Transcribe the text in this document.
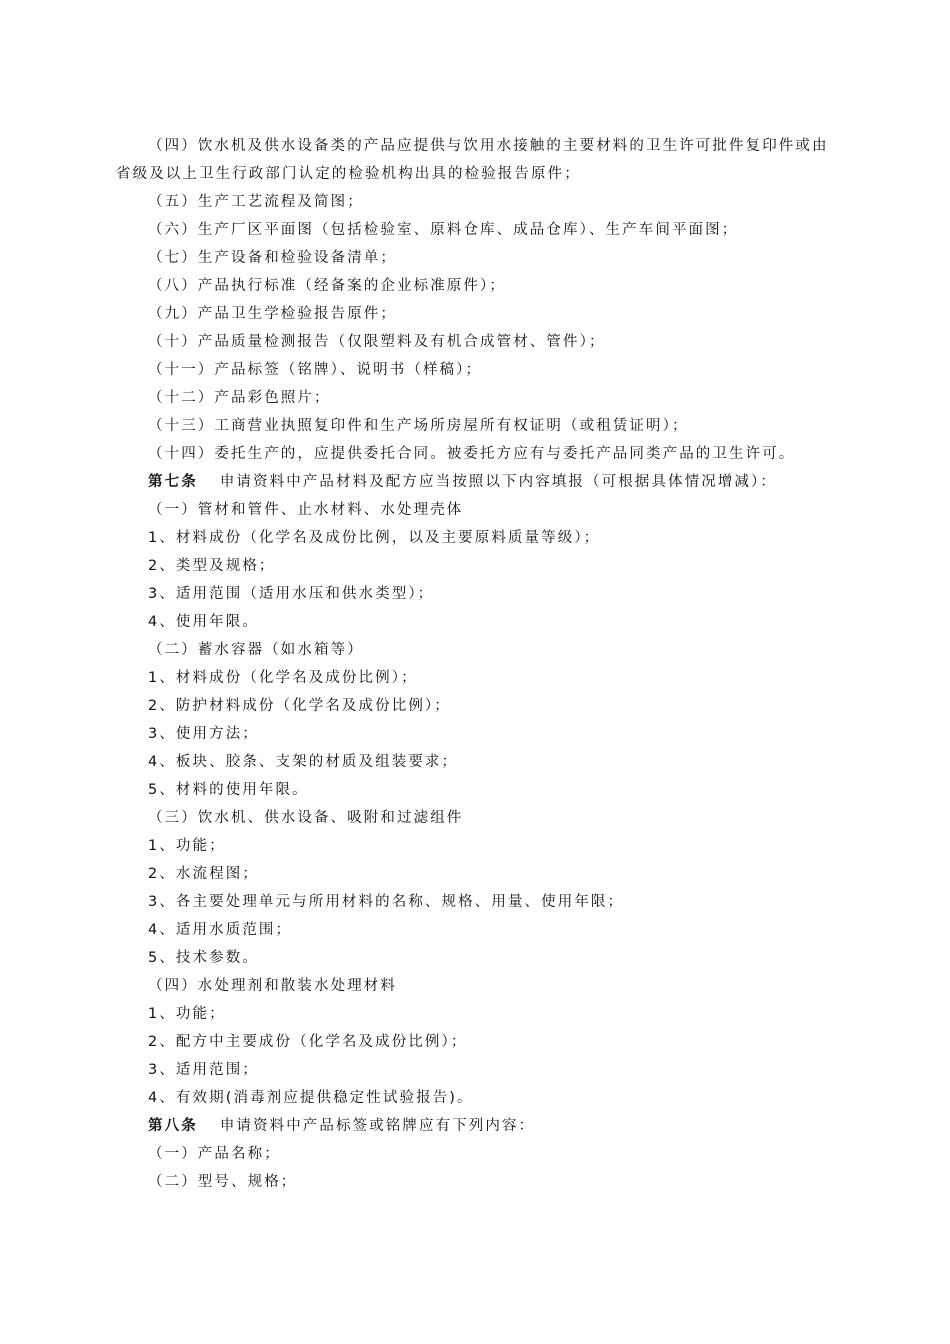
（四）饮水机及供水设备类的产品应提供与饮用水接触的主要材料的卫生许可批件复印件或由
省级及以上卫生行政部门认定的检验机构出具的检验报告原件；
（五）生产工艺流程及简图；
（六）生产厂区平面图（包括检验室、原料仓库、成品仓库）、生产车间平面图；
（七）生产设备和检验设备清单；
（八）产品执行标准（经备案的企业标准原件）；
（九）产品卫生学检验报告原件；
（十）产品质量检测报告（仅限塑料及有机合成管材、管件）；
（十一）产品标签（铭牌）、说明书（样稿）；
（十二）产品彩色照片；
（十三）工商营业执照复印件和生产场所房屋所有权证明（或租赁证明）；
（十四）委托生产的，应提供委托合同。被委托方应有与委托产品同类产品的卫生许可。
第七条 申请资料中产品材料及配方应当按照以下内容填报（可根据具体情况增减）：
（一）管材和管件、止水材料、水处理壳体
1、材料成份（化学名及成份比例，以及主要原料质量等级）；
2、类型及规格；
3、适用范围（适用水压和供水类型）；
4、使用年限。
（二）蓄水容器（如水箱等）
1、材料成份（化学名及成份比例）；
2、防护材料成份（化学名及成份比例）；
3、使用方法；
4、板块、胶条、支架的材质及组装要求；
5、材料的使用年限。
（三）饮水机、供水设备、吸附和过滤组件
1、功能；
2、水流程图；
3、各主要处理单元与所用材料的名称、规格、用量、使用年限；
4、适用水质范围；
5、技术参数。
（四）水处理剂和散装水处理材料
1、功能；
2、配方中主要成份（化学名及成份比例）；
3、适用范围；
4、有效期(消毒剂应提供稳定性试验报告)。
第八条 申请资料中产品标签或铭牌应有下列内容：
（一）产品名称；
（二）型号、规格；
